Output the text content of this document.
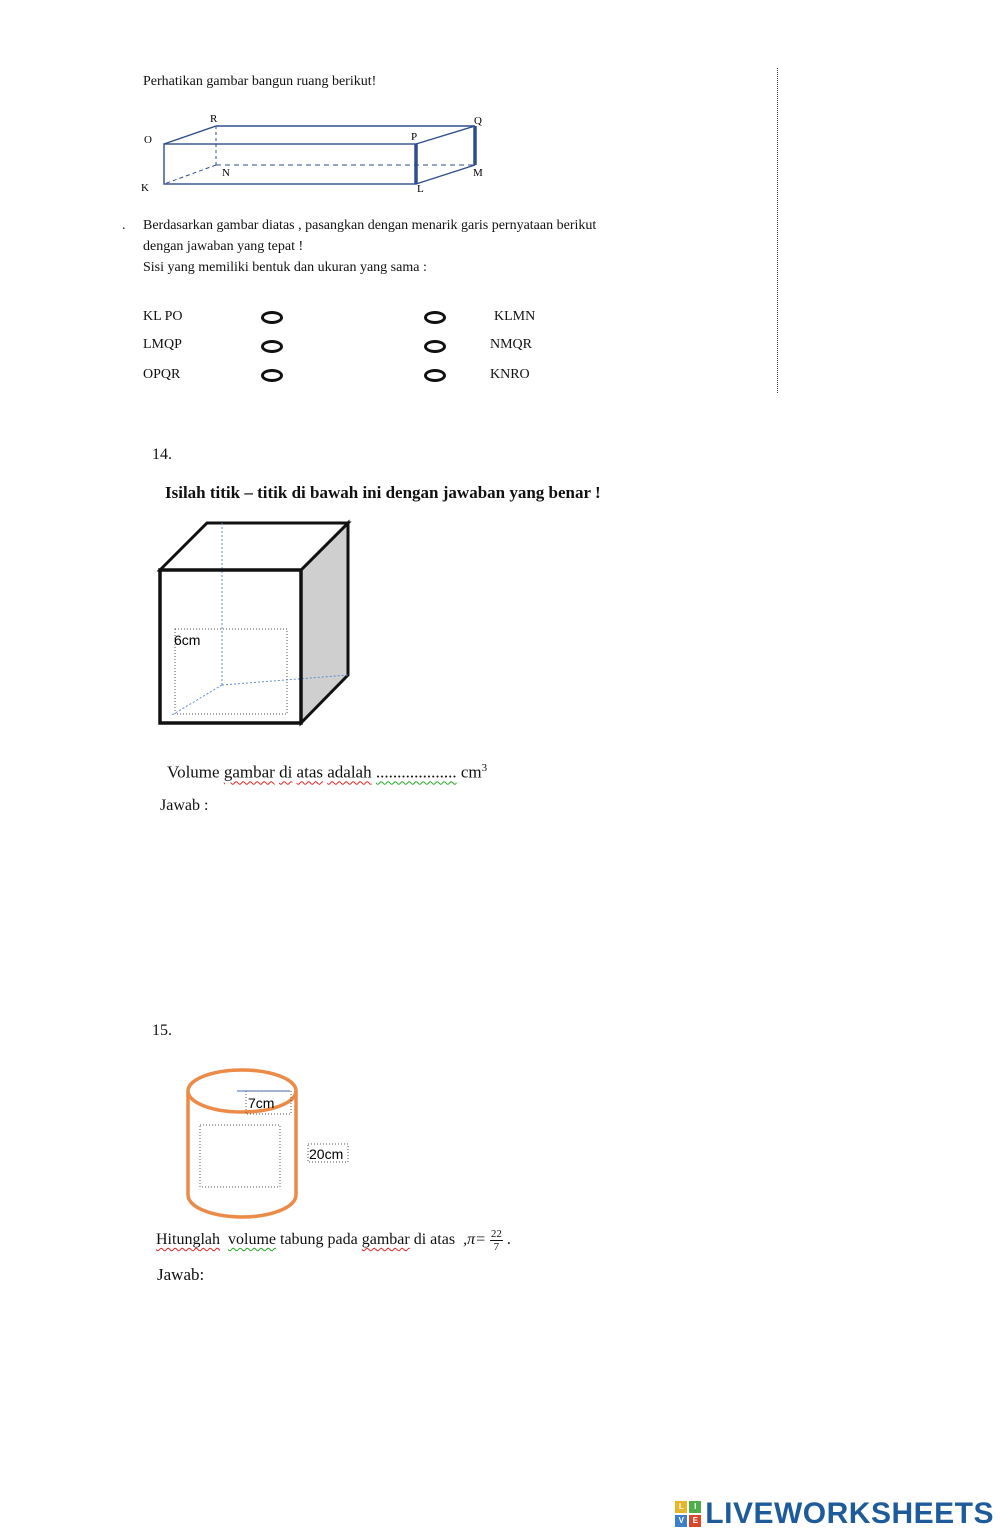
Perhatikan gambar bangun ruang berikut!
O
R
P
Q
K
N
L
M
. Berdasarkan gambar diatas , pasangkan dengan menarik garis pernyataan berikut
dengan jawaban yang tepat !
Sisi yang memiliki bentuk dan ukuran yang sama :
KL PO
LMQP
OPQR
KLMN
NMQR
KNRO
14.
Isilah titik – titik di bawah ini dengan jawaban yang benar !
6cm
Volume gambar di atas adalah ................... $cm^3$
Jawab :
15.
7cm
20cm
Hitunglah volume tabung pada gambar di atas $,\pi= \frac{22}{7}$ .
Jawab:
L	I
V	E LIVEWORKSHEETS
